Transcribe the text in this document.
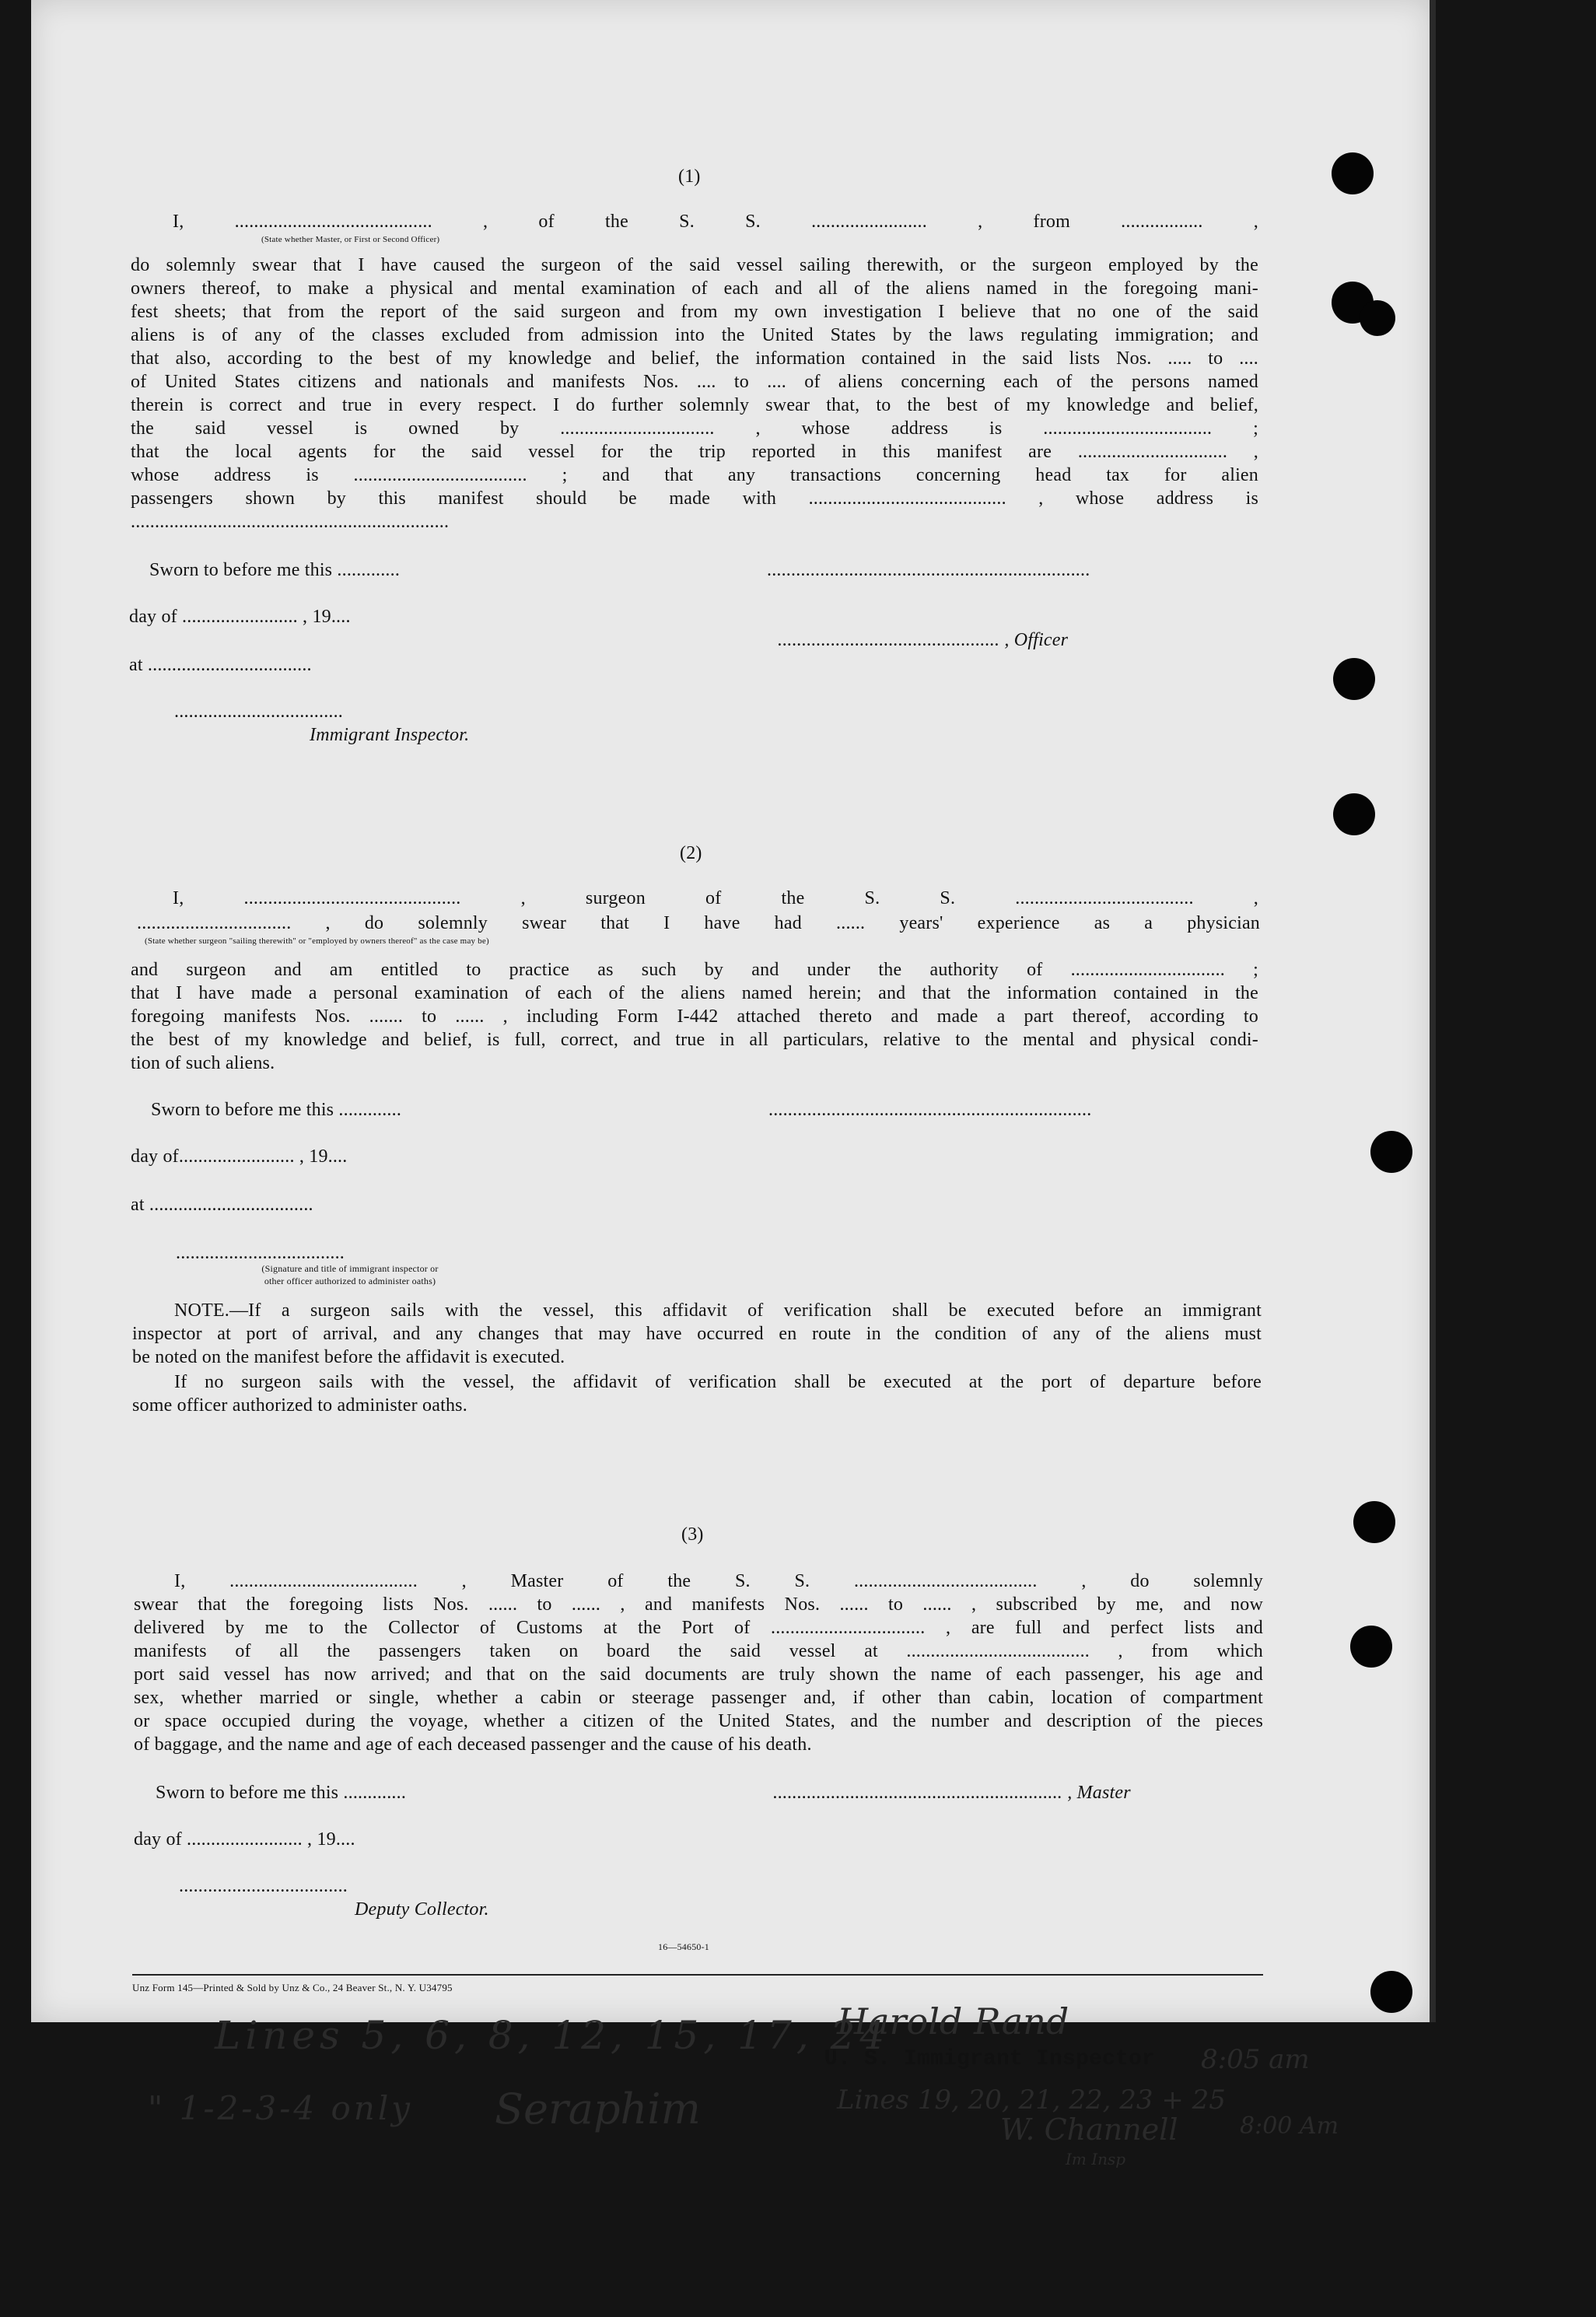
(1)
I, ......................................... , of the S. S. ........................ , from ................. ,
(State whether Master, or First or Second Officer)
do solemnly swear that I have caused the surgeon of the said vessel sailing therewith, or the surgeon employed by the
owners thereof, to make a physical and mental examination of each and all of the aliens named in the foregoing mani-
fest sheets; that from the report of the said surgeon and from my own investigation I believe that no one of the said
aliens is of any of the classes excluded from admission into the United States by the laws regulating immigration; and
that also, according to the best of my knowledge and belief, the information contained in the said lists Nos. ..... to ....
of United States citizens and nationals and manifests Nos. .... to .... of aliens concerning each of the persons named
therein is correct and true in every respect. I do further solemnly swear that, to the best of my knowledge and belief,
the said vessel is owned by ................................ , whose address is ................................... ;
that the local agents for the said vessel for the trip reported in this manifest are ............................... ,
whose address is .................................... ; and that any transactions concerning head tax for alien
passengers shown by this manifest should be made with ......................................... , whose address is
..................................................................
Sworn to before me this .............	...................................................................
day of ........................ , 19....
.............................................. , Officer
at ..................................
...................................
Immigrant Inspector.
(2)
I, ............................................. , surgeon of the S. S. ..................................... ,
................................ , do solemnly swear that I have had ...... years' experience as a physician
(State whether surgeon "sailing therewith" or "employed by owners thereof" as the case may be)
and surgeon and am entitled to practice as such by and under the authority of ................................ ;
that I have made a personal examination of each of the aliens named herein; and that the information contained in the
foregoing manifests Nos. ....... to ...... , including Form I-442 attached thereto and made a part thereof, according to
the best of my knowledge and belief, is full, correct, and true in all particulars, relative to the mental and physical condi-
tion of such aliens.
Sworn to before me this .............	...................................................................
day of........................ , 19....
at ..................................
...................................
(Signature and title of immigrant inspector or
other officer authorized to administer oaths)
NOTE.—If a surgeon sails with the vessel, this affidavit of verification shall be executed before an immigrant
inspector at port of arrival, and any changes that may have occurred en route in the condition of any of the aliens must
be noted on the manifest before the affidavit is executed.
If no surgeon sails with the vessel, the affidavit of verification shall be executed at the port of departure before
some officer authorized to administer oaths.
(3)
I, ....................................... , Master of the S. S. ...................................... , do solemnly
swear that the foregoing lists Nos. ...... to ...... , and manifests Nos. ...... to ...... , subscribed by me, and now
delivered by me to the Collector of Customs at the Port of ................................ , are full and perfect lists and
manifests of all the passengers taken on board the said vessel at ...................................... , from which
port said vessel has now arrived; and that on the said documents are truly shown the name of each passenger, his age and
sex, whether married or single, whether a cabin or steerage passenger and, if other than cabin, location of compartment
or space occupied during the voyage, whether a citizen of the United States, and the number and description of the pieces
of baggage, and the name and age of each deceased passenger and the cause of his death.
Sworn to before me this .............	............................................................ , Master
day of ........................ , 19....
...................................
Deputy Collector.
16—54650-1
Unz Form 145—Printed & Sold by Unz & Co., 24 Beaver St., N. Y. U34795
Lines 5, 6, 8, 12, 15, 17, 24
" 1-2-3-4 only Seraphim
Harold Rand
U. S. Immigrant Inspector 8:05 am
Lines 19, 20, 21, 22, 23 + 25
W. Channell	8:00 Am
Im Insp
